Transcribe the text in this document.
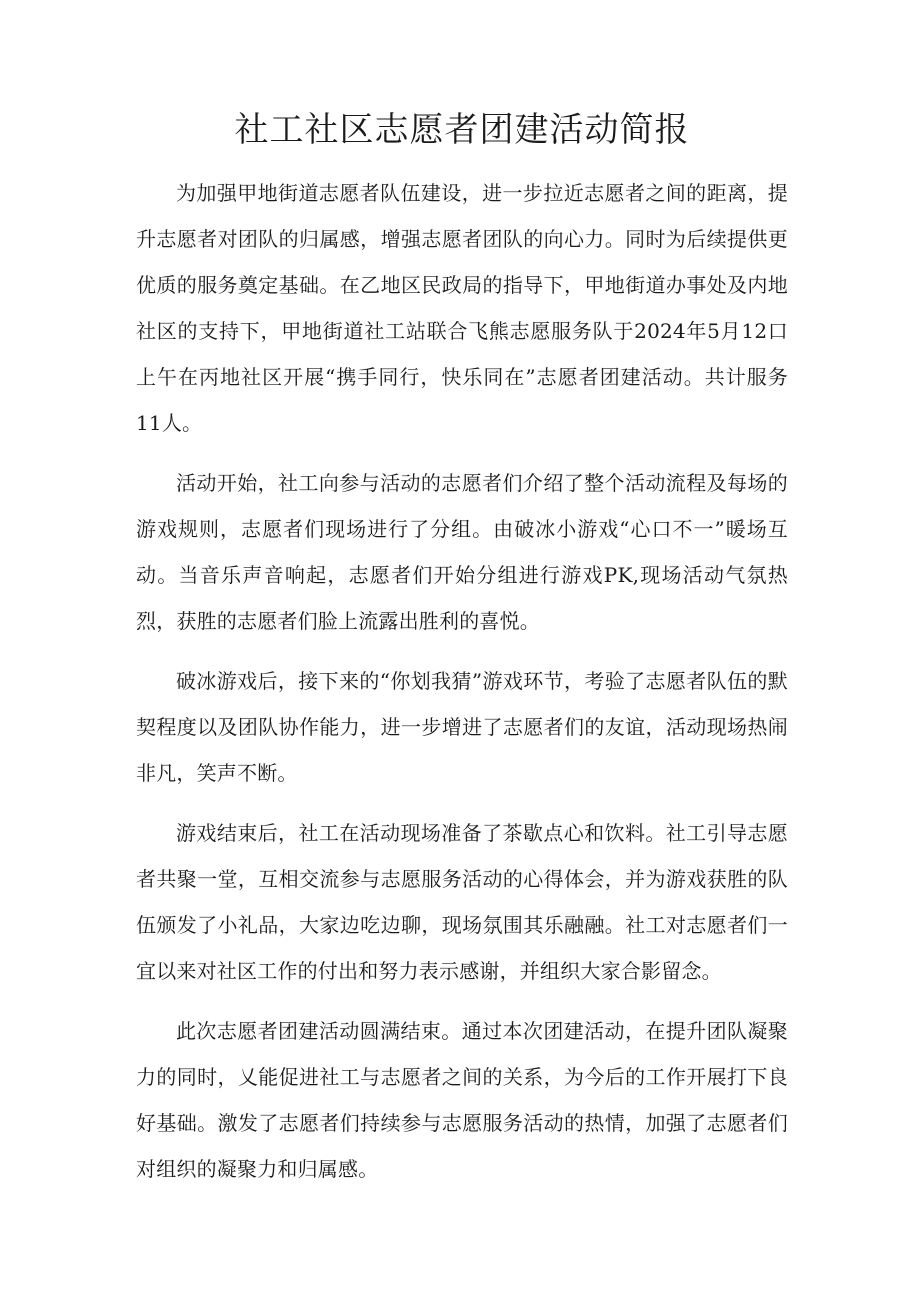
社工社区志愿者团建活动简报

为加强甲地街道志愿者队伍建设，进一步拉近志愿者之间的距离，提升志愿者对团队的归属感，增强志愿者团队的向心力。同时为后续提供更优质的服务奠定基础。在乙地区民政局的指导下，甲地街道办事处及内地社区的支持下，甲地街道社工站联合飞熊志愿服务队于2024年5月12口上午在丙地社区开展“携手同行，快乐同在”志愿者团建活动。共计服务11人。

活动开始，社工向参与活动的志愿者们介绍了整个活动流程及每场的游戏规则，志愿者们现场进行了分组。由破冰小游戏“心口不一”暖场互动。当音乐声音响起，志愿者们开始分组进行游戏PK,现场活动气氛热烈，获胜的志愿者们脸上流露出胜利的喜悦。

破冰游戏后，接下来的“你划我猜”游戏环节，考验了志愿者队伍的默契程度以及团队协作能力，进一步增进了志愿者们的友谊，活动现场热闹非凡，笑声不断。

游戏结束后，社工在活动现场准备了茶歇点心和饮料。社工引导志愿者共聚一堂，互相交流参与志愿服务活动的心得体会，并为游戏获胜的队伍颁发了小礼品，大家边吃边聊，现场氛围其乐融融。社工对志愿者们一宜以来对社区工作的付出和努力表示感谢，并组织大家合影留念。

此次志愿者团建活动圆满结束。通过本次团建活动，在提升团队凝聚力的同时，乂能促进社工与志愿者之间的关系，为今后的工作开展打下良好基础。激发了志愿者们持续参与志愿服务活动的热情，加强了志愿者们对组织的凝聚力和归属感。
